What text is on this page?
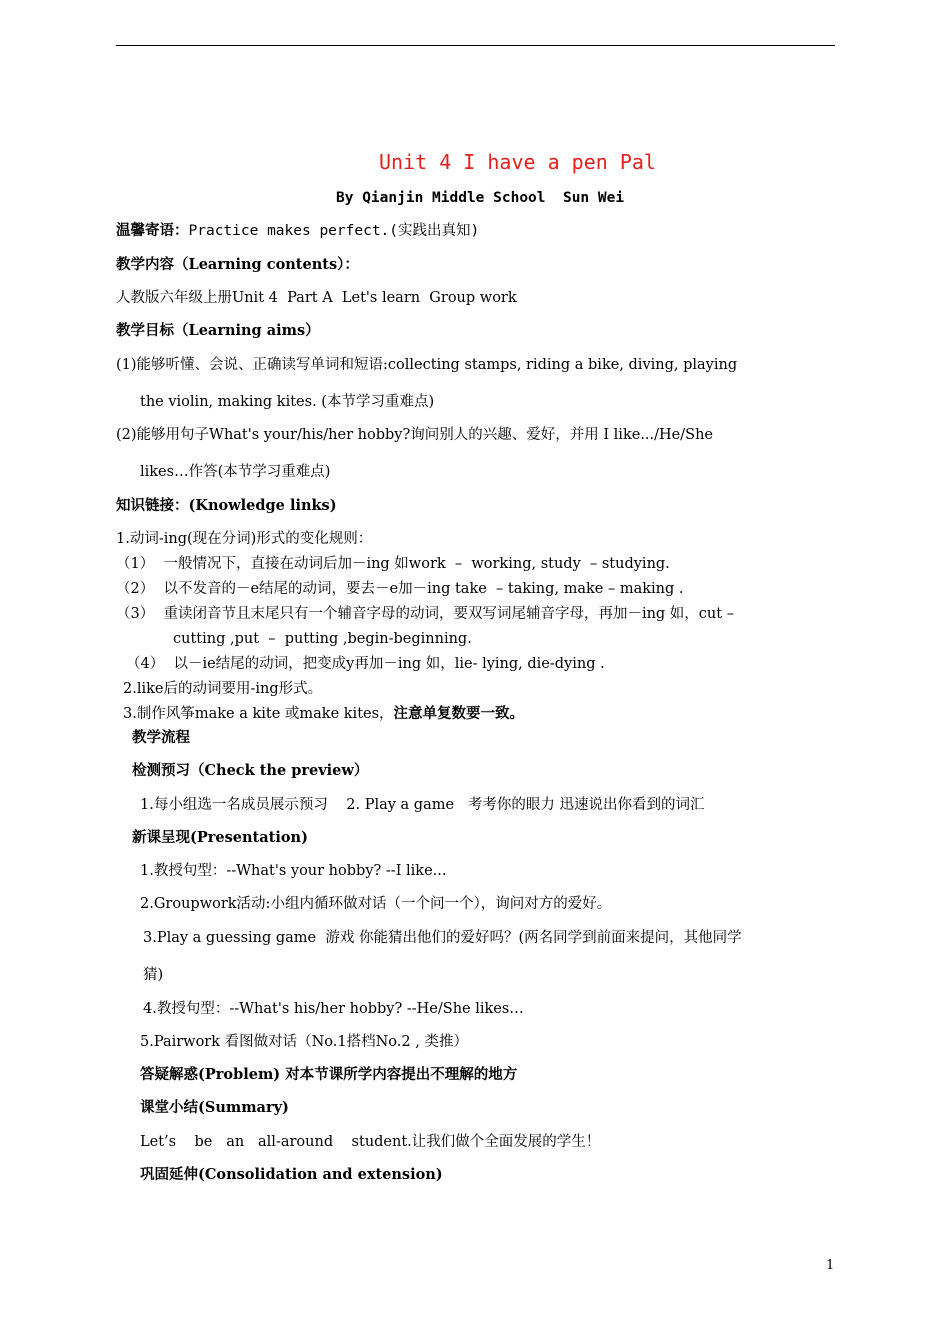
Unit 4 I have a pen Pal
By Qianjin Middle School  Sun Wei
温馨寄语：Practice makes perfect.(实践出真知)
教学内容（Learning contents）：
人教版六年级上册Unit 4  Part A  Let's learn  Group work
教学目标（Learning aims）
(1)能够听懂、会说、正确读写单词和短语:collecting stamps, riding a bike, diving, playing
the violin, making kites. (本节学习重难点)
(2)能够用句子What's your/his/her hobby?询问别人的兴趣、爱好，并用 I like.../He/She
likes…作答(本节学习重难点)
知识链接：(Knowledge links)
1.动词-ing(现在分词)形式的变化规则：
（1）  一般情况下，直接在动词后加－ing 如work  –  working, study  – studying.
（2）  以不发音的－e结尾的动词，要去－e加－ing take  – taking, make – making .
（3）  重读闭音节且末尾只有一个辅音字母的动词，要双写词尾辅音字母，再加－ing 如，cut –
cutting ,put  –  putting ,begin-beginning.
（4）  以－ie结尾的动词，把变成y再加－ing 如，lie- lying, die-dying .
2.like后的动词要用-ing形式。
3.制作风筝make a kite 或make kites，注意单复数要一致。
教学流程
检测预习（Check the preview）
1.每小组选一名成员展示预习    2. Play a game   考考你的眼力 迅速说出你看到的词汇
新课呈现(Presentation)
1.教授句型：--What's your hobby? --I like...
2.Groupwork活动:小组内循环做对话（一个问一个），询问对方的爱好。
3.Play a guessing game  游戏 你能猜出他们的爱好吗？(两名同学到前面来提问，其他同学
猜)
4.教授句型：--What's his/her hobby? --He/She likes…
5.Pairwork 看图做对话（No.1搭档No.2 , 类推）
答疑解惑(Problem) 对本节课所学内容提出不理解的地方
课堂小结(Summary)
Let’s    be   an   all-around    student.让我们做个全面发展的学生！
巩固延伸(Consolidation and extension)
1
